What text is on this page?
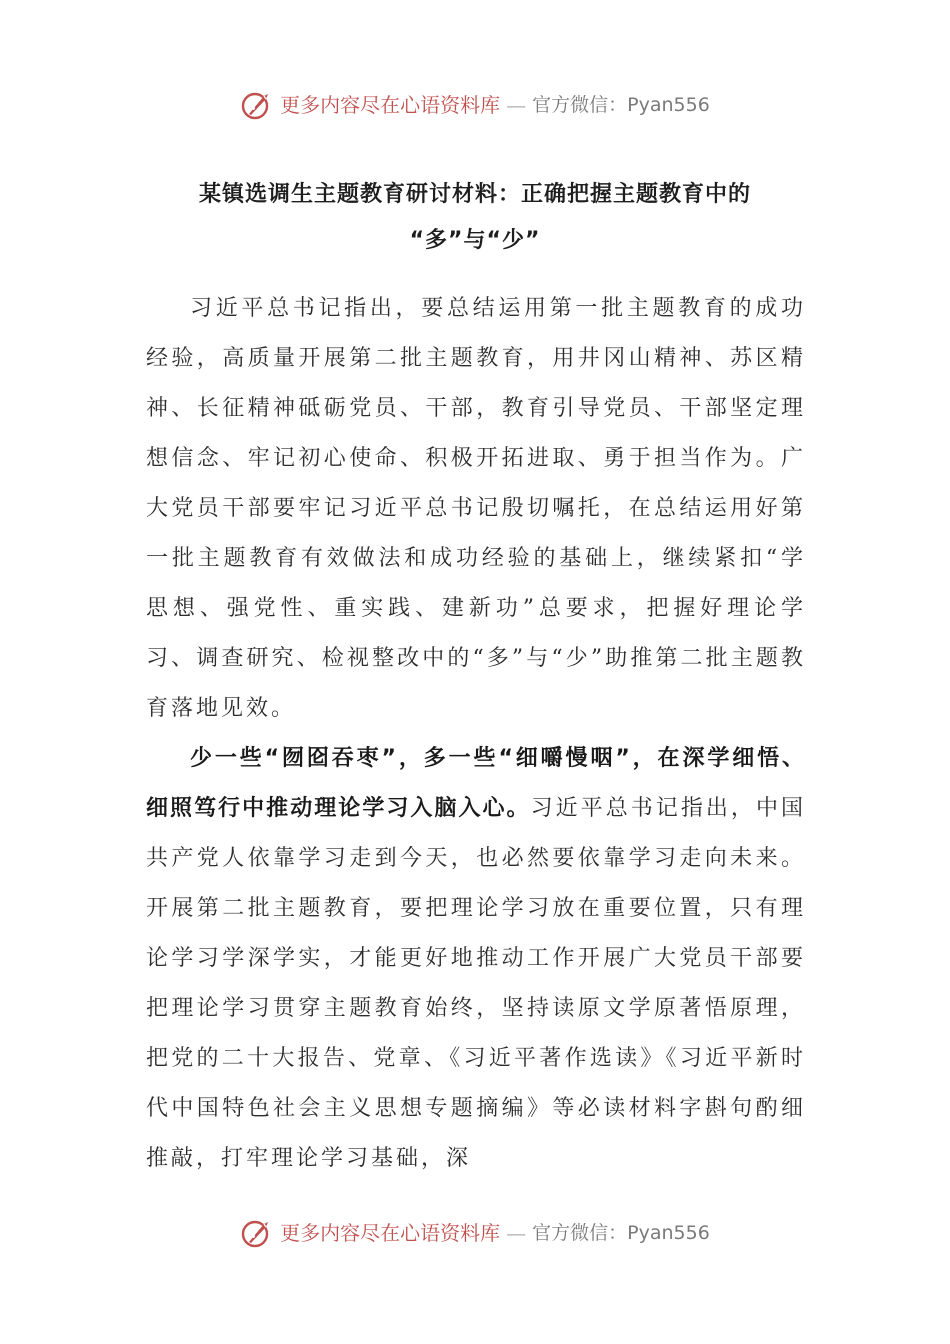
更多内容尽在心语资料库 — 官方微信：Pyan556
某镇选调生主题教育研讨材料：正确把握主题教育中的
“多”与“少”

习近平总书记指出，要总结运用第一批主题教育的成功经验，高质量开展第二批主题教育，用井冈山精神、苏区精神、长征精神砥砺党员、干部，教育引导党员、干部坚定理想信念、牢记初心使命、积极开拓进取、勇于担当作为。广大党员干部要牢记习近平总书记殷切嘱托，在总结运用好第一批主题教育有效做法和成功经验的基础上，继续紧扣“学思想、强党性、重实践、建新功”总要求，把握好理论学习、调查研究、检视整改中的“多”与“少”助推第二批主题教育落地见效。

少一些“囫囵吞枣”，多一些“细嚼慢咽”，在深学细悟、细照笃行中推动理论学习入脑入心。习近平总书记指出，中国共产党人依靠学习走到今天，也必然要依靠学习走向未来。开展第二批主题教育，要把理论学习放在重要位置，只有理论学习学深学实，才能更好地推动工作开展广大党员干部要把理论学习贯穿主题教育始终，坚持读原文学原著悟原理，把党的二十大报告、党章、《习近平著作选读》《习近平新时代中国特色社会主义思想专题摘编》等必读材料字斟句酌细推敲，打牢理论学习基础，深

更多内容尽在心语资料库 — 官方微信：Pyan556
